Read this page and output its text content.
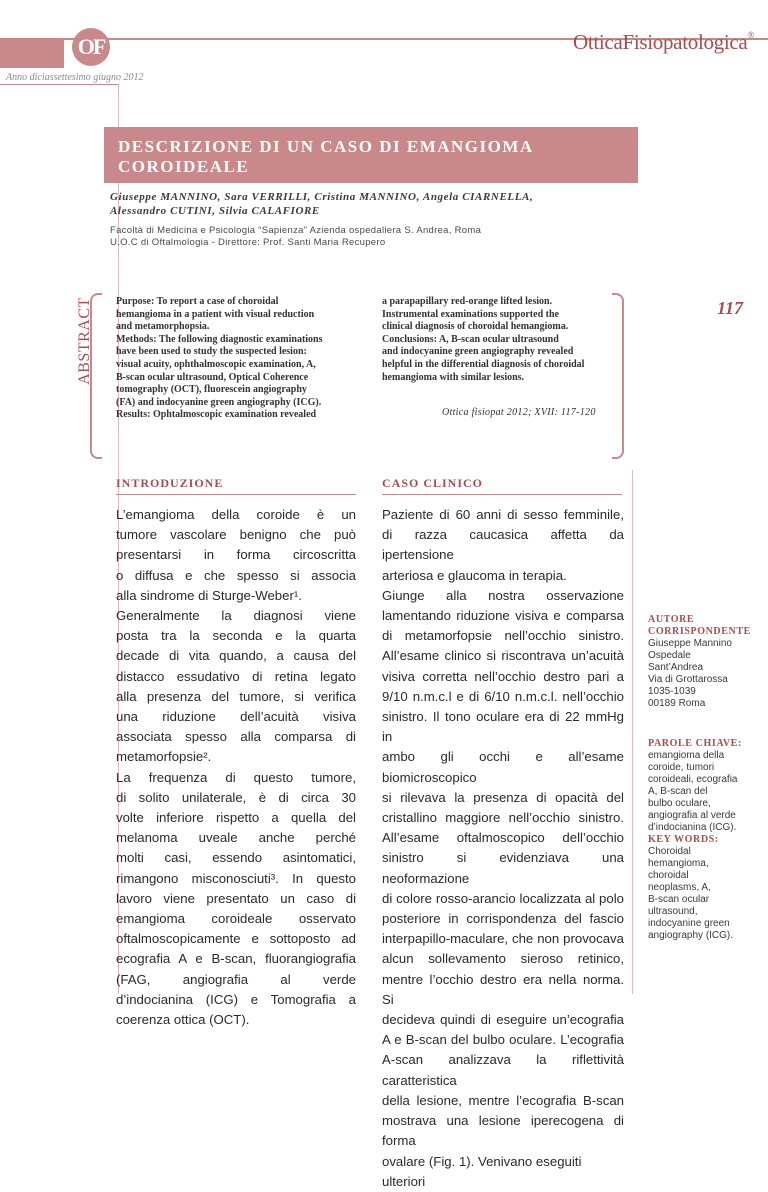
OF
Anno diciassettesimo giugno 2012
OtticaFisiopatologica®
DESCRIZIONE DI UN CASO DI EMANGIOMA
COROIDEALE
Giuseppe MANNINO, Sara VERRILLI, Cristina MANNINO, Angela CIARNELLA,
Alessandro CUTINI, Silvia CALAFIORE
Facoltà di Medicina e Psicologia “Sapienza” Azienda ospedaliera S. Andrea, Roma
U.O.C di Oftalmologia - Direttore: Prof. Santi Maria Recupero
ABSTRACT Purpose: To report a case of choroidal
hemangioma in a patient with visual reduction
and metamorphopsia.
Methods: The following diagnostic examinations
have been used to study the suspected lesion:
visual acuity, ophthalmoscopic examination, A,
B-scan ocular ultrasound, Optical Coherence
tomography (OCT), fluorescein angiography
(FA) and indocyanine green angiography (ICG).
Results: Ophtalmoscopic examination revealed
a parapapillary red-orange lifted lesion.
Instrumental examinations supported the
clinical diagnosis of choroidal hemangioma.
Conclusions: A, B-scan ocular ultrasound
and indocyanine green angiography revealed
helpful in the differential diagnosis of choroidal
hemangioma with similar lesions.
Ottica fisiopat 2012; XVII: 117-120
117
INTRODUZIONE	CASO CLINICO
L’emangioma della coroide è un
tumore vascolare benigno che può
presentarsi in forma circoscritta
o diffusa e che spesso si associa
alla sindrome di Sturge-Weber¹.
Generalmente la diagnosi viene
posta tra la seconda e la quarta
decade di vita quando, a causa del
distacco essudativo di retina legato
alla presenza del tumore, si verifica
una riduzione dell’acuità visiva
associata spesso alla comparsa di
metamorfopsie².
La frequenza di questo tumore,
di solito unilaterale, è di circa 30
volte inferiore rispetto a quella del
melanoma uveale anche perché
molti casi, essendo asintomatici,
rimangono misconosciuti³. In questo
lavoro viene presentato un caso di
emangioma coroideale osservato
oftalmoscopicamente e sottoposto ad
ecografia A e B-scan, fluorangiografia
(FAG, angiografia al verde
d’indocianina (ICG) e Tomografia a
coerenza ottica (OCT).
Paziente di 60 anni di sesso femminile,
di razza caucasica affetta da ipertensione
arteriosa e glaucoma in terapia.
Giunge alla nostra osservazione
lamentando riduzione visiva e comparsa
di metamorfopsie nell’occhio sinistro.
All’esame clinico si riscontrava un’acuità
visiva corretta nell’occhio destro pari a
9/10 n.m.c.l e di 6/10 n.m.c.l. nell’occhio
sinistro. Il tono oculare era di 22 mmHg in
ambo gli occhi e all’esame biomicroscopico
si rilevava la presenza di opacità del
cristallino maggiore nell’occhio sinistro.
All’esame oftalmoscopico dell’occhio
sinistro si evidenziava una neoformazione
di colore rosso-arancio localizzata al polo
posteriore in corrispondenza del fascio
interpapillo-maculare, che non provocava
alcun sollevamento sieroso retinico,
mentre l’occhio destro era nella norma. Si
decideva quindi di eseguire un’ecografia
A e B-scan del bulbo oculare. L’ecografia
A-scan analizzava la riflettività caratteristica
della lesione, mentre l’ecografia B-scan
mostrava una lesione iperecogena di forma
ovalare (Fig. 1). Venivano eseguiti ulteriori
AUTORE
CORRISPONDENTE
Giuseppe Mannino
Ospedale
Sant’Andrea
Via di Grottarossa
1035-1039
00189 Roma
PAROLE CHIAVE:
emangioma della
coroide, tumori
coroideali, ecografia
A, B-scan del
bulbo oculare,
angiografia al verde
d’indocianina (ICG).
KEY WORDS:
Choroidal
hemangioma,
choroidal
neoplasms, A,
B-scan ocular
ultrasound,
indocyanine green
angiography (ICG).
